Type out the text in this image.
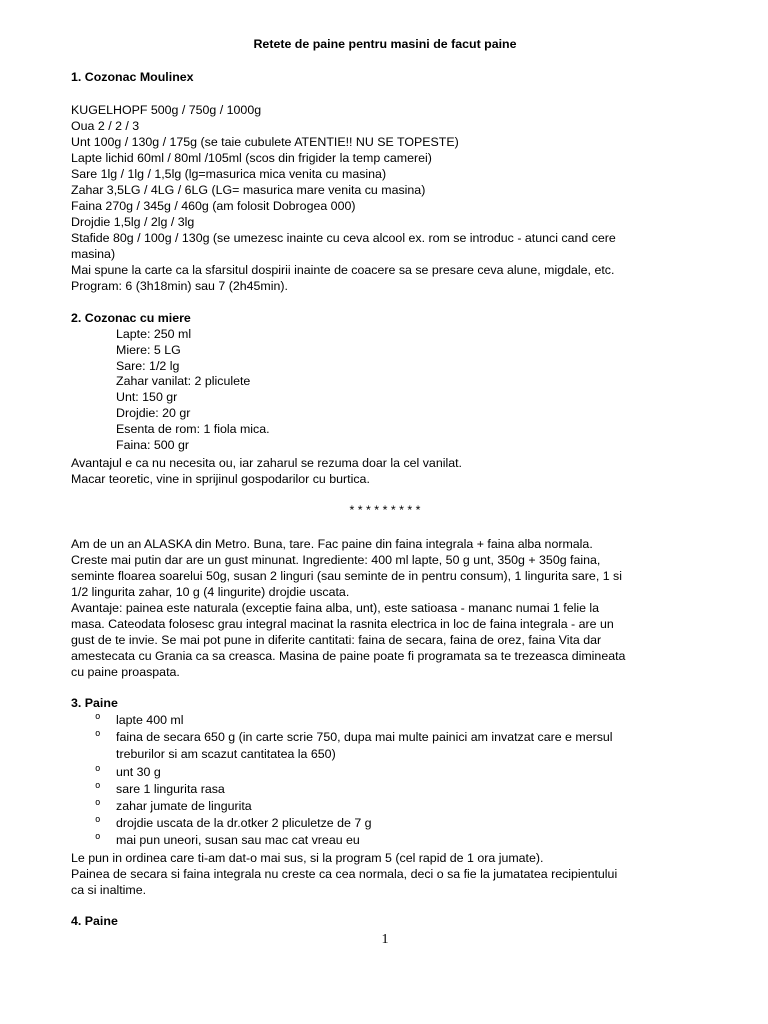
Retete de paine pentru masini de facut paine
1. Cozonac Moulinex
KUGELHOPF 500g / 750g / 1000g
Oua 2 / 2 / 3
Unt 100g / 130g / 175g (se taie cubulete ATENTIE!! NU SE TOPESTE)
Lapte lichid 60ml / 80ml /105ml (scos din frigider la temp camerei)
Sare 1lg / 1lg / 1,5lg (lg=masurica mica venita cu masina)
Zahar 3,5LG / 4LG / 6LG (LG= masurica mare venita cu masina)
Faina 270g / 345g / 460g (am folosit Dobrogea 000)
Drojdie 1,5lg / 2lg / 3lg
Stafide 80g / 100g / 130g (se umezesc inainte cu ceva alcool ex. rom se introduc - atunci cand cere
masina)
Mai spune la carte ca la sfarsitul dospirii inainte de coacere sa se presare ceva alune, migdale, etc.
Program: 6 (3h18min) sau 7 (2h45min).
2. Cozonac cu miere
Lapte: 250 ml
Miere: 5 LG
Sare: 1/2 lg
Zahar vanilat: 2 pliculete
Unt: 150 gr
Drojdie: 20 gr
Esenta de rom: 1 fiola mica.
Faina: 500 gr
Avantajul e ca nu necesita ou, iar zaharul se rezuma doar la cel vanilat.
Macar teoretic, vine in sprijinul gospodarilor cu burtica.
* * * * * * * * *
Am de un an ALASKA din Metro. Buna, tare. Fac paine din faina integrala + faina alba normala.
Creste mai putin dar are un gust minunat. Ingrediente: 400 ml lapte, 50 g unt, 350g + 350g faina,
seminte floarea soarelui 50g, susan 2 linguri (sau seminte de in pentru consum), 1 lingurita sare, 1 si
1/2 lingurita zahar, 10 g (4 lingurite) drojdie uscata.
Avantaje: painea este naturala (exceptie faina alba, unt), este satioasa - mananc numai 1 felie la
masa. Cateodata folosesc grau integral macinat la rasnita electrica in loc de faina integrala - are un
gust de te invie. Se mai pot pune in diferite cantitati: faina de secara, faina de orez, faina Vita dar
amestecata cu Grania ca sa creasca. Masina de paine poate fi programata sa te trezeasca dimineata
cu paine proaspata.
3. Paine
o lapte 400 ml
o faina de secara 650 g (in carte scrie 750, dupa mai multe painici am invatzat care e mersul treburilor si am scazut cantitatea la 650)
o unt 30 g
o sare 1 lingurita rasa
o zahar jumate de lingurita
o drojdie uscata de la dr.otker 2 pliculetze de 7 g
o mai pun uneori, susan sau mac cat vreau eu
Le pun in ordinea care ti-am dat-o mai sus, si la program 5 (cel rapid de 1 ora jumate).
Painea de secara si faina integrala nu creste ca cea normala, deci o sa fie la jumatatea recipientului
ca si inaltime.
4. Paine
1
